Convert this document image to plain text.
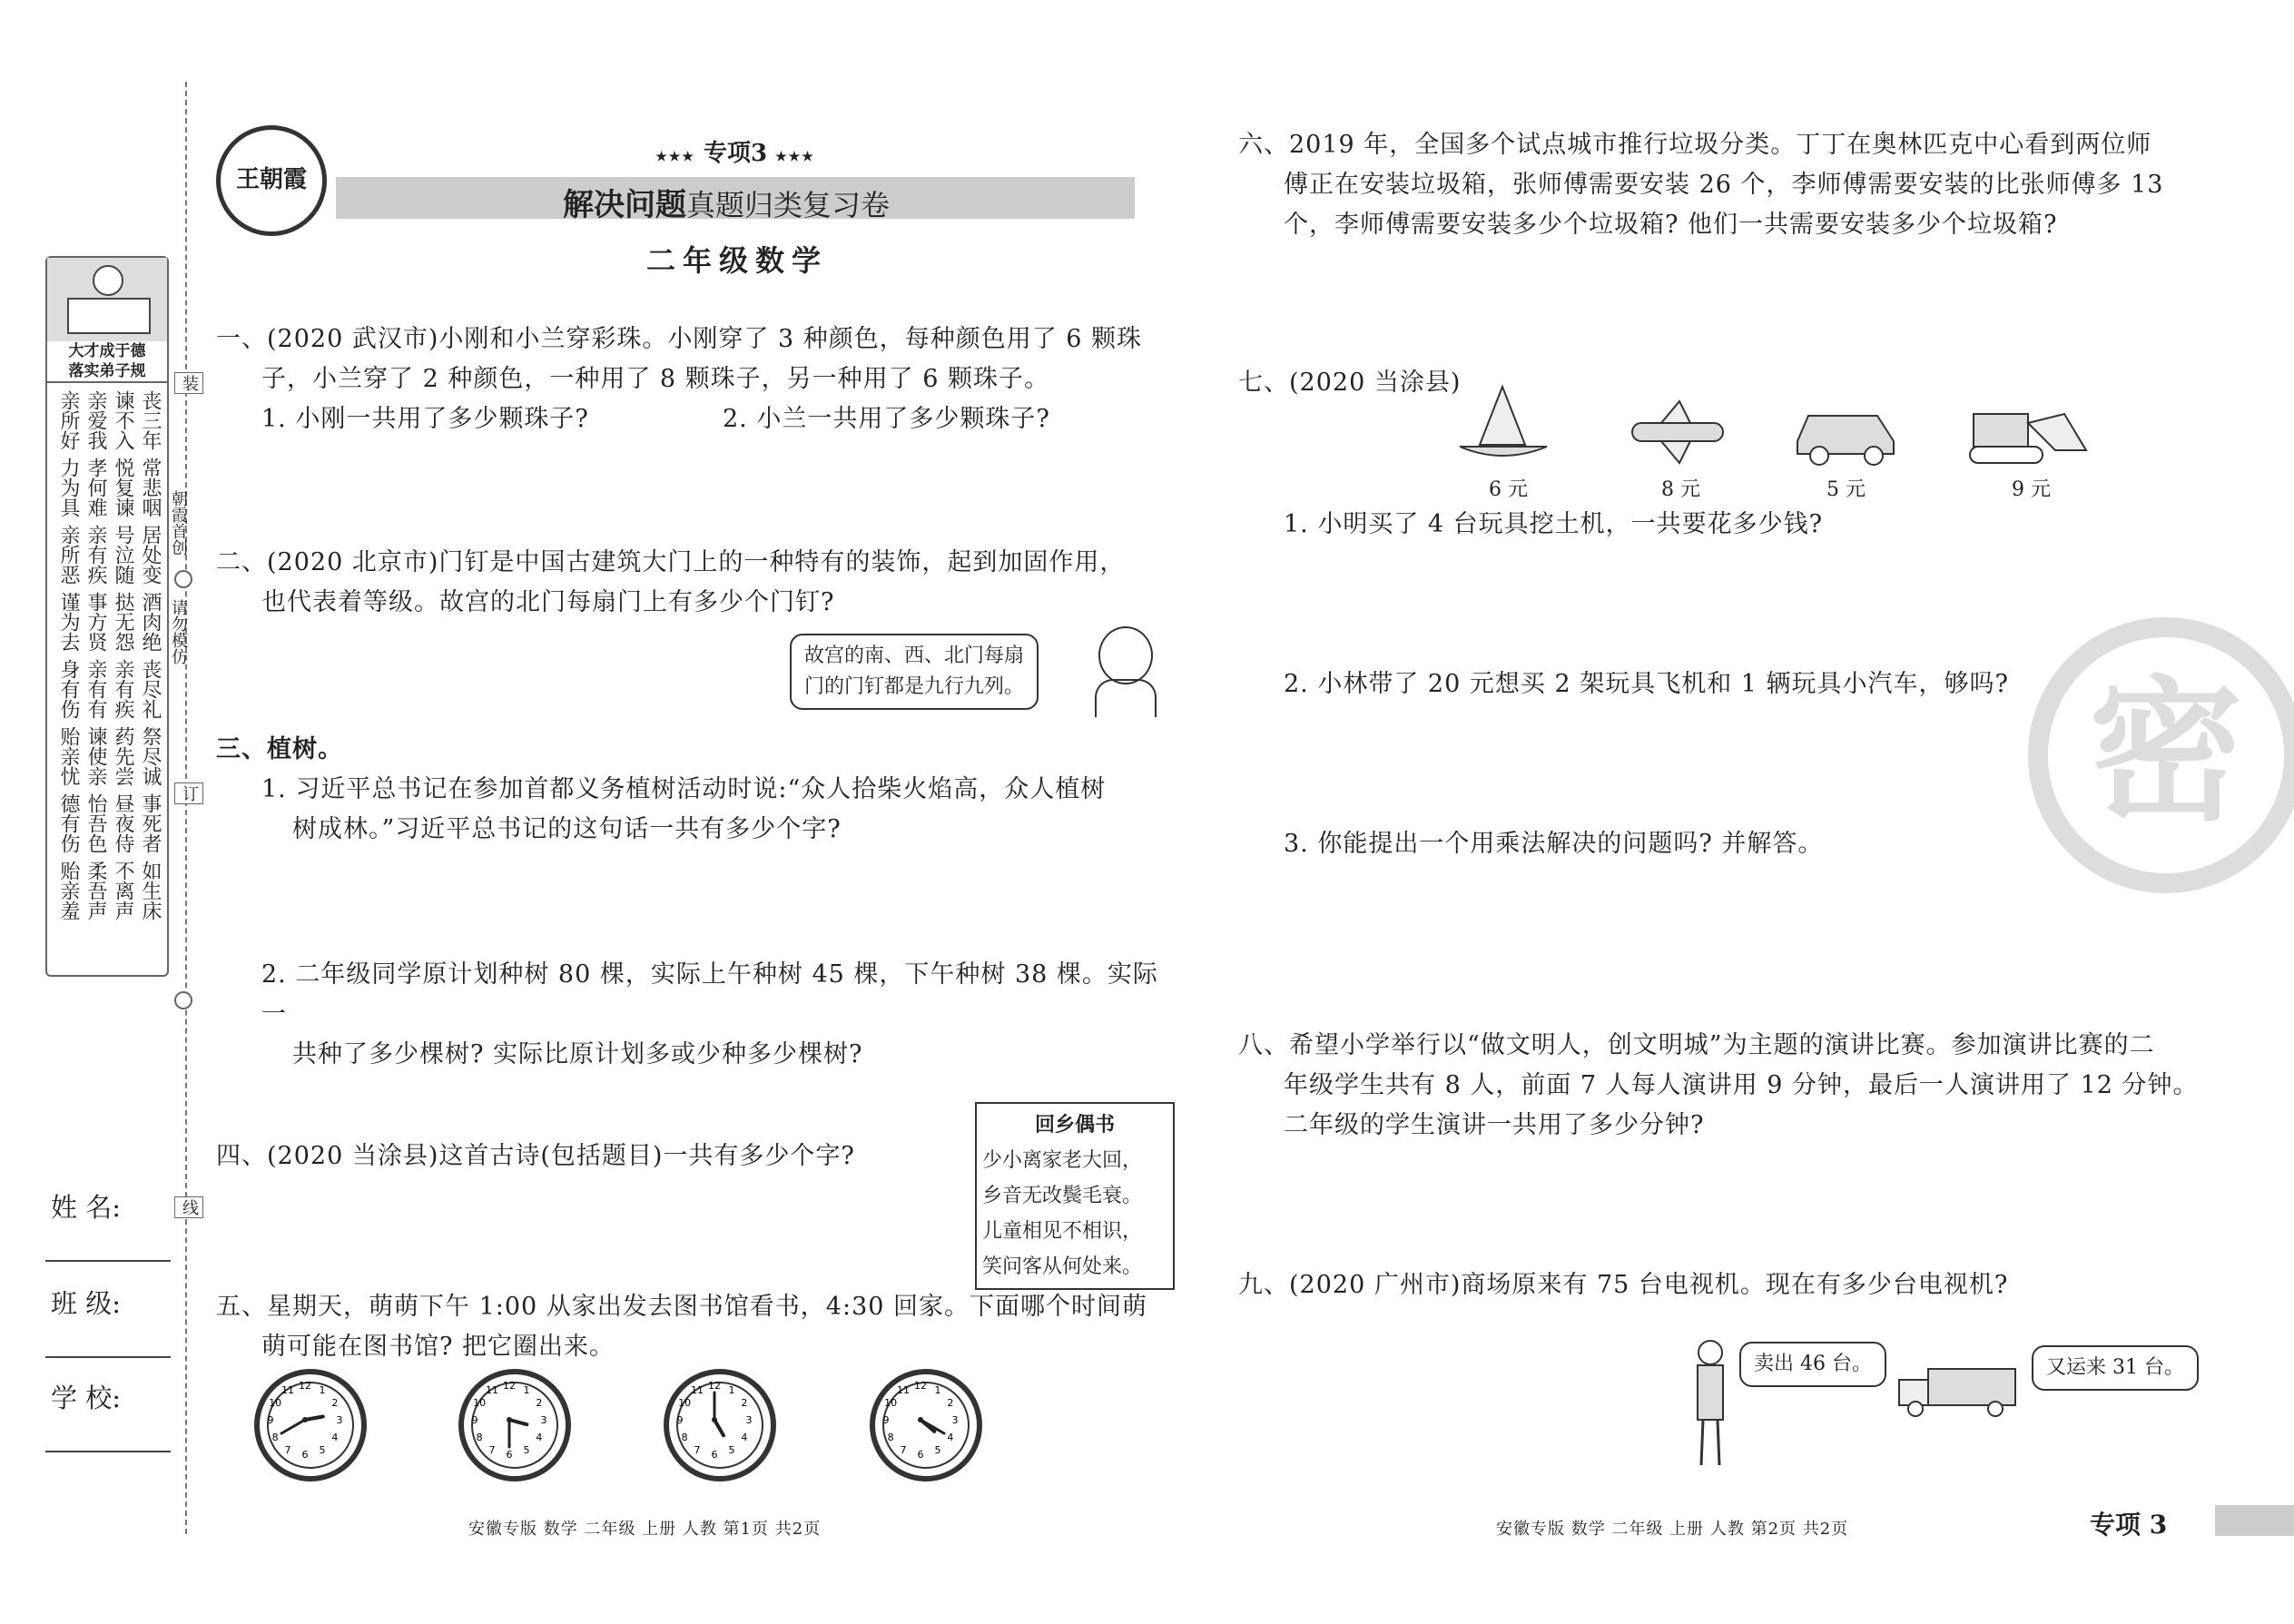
装
朝霞首创
请勿模仿
订
线
大才成于德
落实弟子规
丧三年
谏不入
亲爱我
亲所好
常悲咽
悦复谏
孝何难
力为具
居处变
号泣随
亲有疾
亲所恶
酒肉绝
挞无怨
事方贤
谨为去
丧尽礼
亲有疾
亲有有
身有伤
祭尽诚
药先尝
谏使亲
贻亲忧
事死者
昼夜侍
怡吾色
德有伤
如生床
不离声
柔吾声
贻亲羞
姓 名:
班 级:
学 校:
王朝霞
★★★ 专项3 ★★★
解决问题真题归类复习卷
二年级数学
一、(2020 武汉市)小刚和小兰穿彩珠。小刚穿了 3 种颜色，每种颜色用了 6 颗珠
子，小兰穿了 2 种颜色，一种用了 8 颗珠子，另一种用了 6 颗珠子。
1. 小刚一共用了多少颗珠子?	2. 小兰一共用了多少颗珠子?
二、(2020 北京市)门钉是中国古建筑大门上的一种特有的装饰，起到加固作用，
也代表着等级。故宫的北门每扇门上有多少个门钉?
故宫的南、西、北门每扇
门的门钉都是九行九列。
三、植树。
1. 习近平总书记在参加首都义务植树活动时说:“众人拾柴火焰高，众人植树
树成林。”习近平总书记的这句话一共有多少个字?
2. 二年级同学原计划种树 80 棵，实际上午种树 45 棵，下午种树 38 棵。实际一
共种了多少棵树? 实际比原计划多或少种多少棵树?
四、(2020 当涂县)这首古诗(包括题目)一共有多少个字?
回乡偶书
少小离家老大回，
乡音无改鬓毛衰。
儿童相见不相识，
笑问客从何处来。
五、星期天，萌萌下午 1:00 从家出发去图书馆看书，4:30 回家。下面哪个时间萌
萌可能在图书馆? 把它圈出来。
1
2
3
4
5
6
7
8
9
10
11 12	1
2
3
4
5
6
7
8
9
10
11 12	1
2
3
4
5
6
7
8
9
10
11 12	1
2
3
4
5
6
7
8
9
10
11 12
安徽专版 数学 二年级 上册 人教 第1页 共2页
六、2019 年，全国多个试点城市推行垃圾分类。丁丁在奥林匹克中心看到两位师
傅正在安装垃圾箱，张师傅需要安装 26 个，李师傅需要安装的比张师傅多 13
个，李师傅需要安装多少个垃圾箱? 他们一共需要安装多少个垃圾箱?
七、(2020 当涂县)
6 元	8 元	5 元	9 元
1. 小明买了 4 台玩具挖土机，一共要花多少钱?
2. 小林带了 20 元想买 2 架玩具飞机和 1 辆玩具小汽车，够吗?
3. 你能提出一个用乘法解决的问题吗? 并解答。
密
八、希望小学举行以“做文明人，创文明城”为主题的演讲比赛。参加演讲比赛的二
年级学生共有 8 人，前面 7 人每人演讲用 9 分钟，最后一人演讲用了 12 分钟。
二年级的学生演讲一共用了多少分钟?
九、(2020 广州市)商场原来有 75 台电视机。现在有多少台电视机?
卖出 46 台。	又运来 31 台。
安徽专版 数学 二年级 上册 人教 第2页 共2页	专项 3
